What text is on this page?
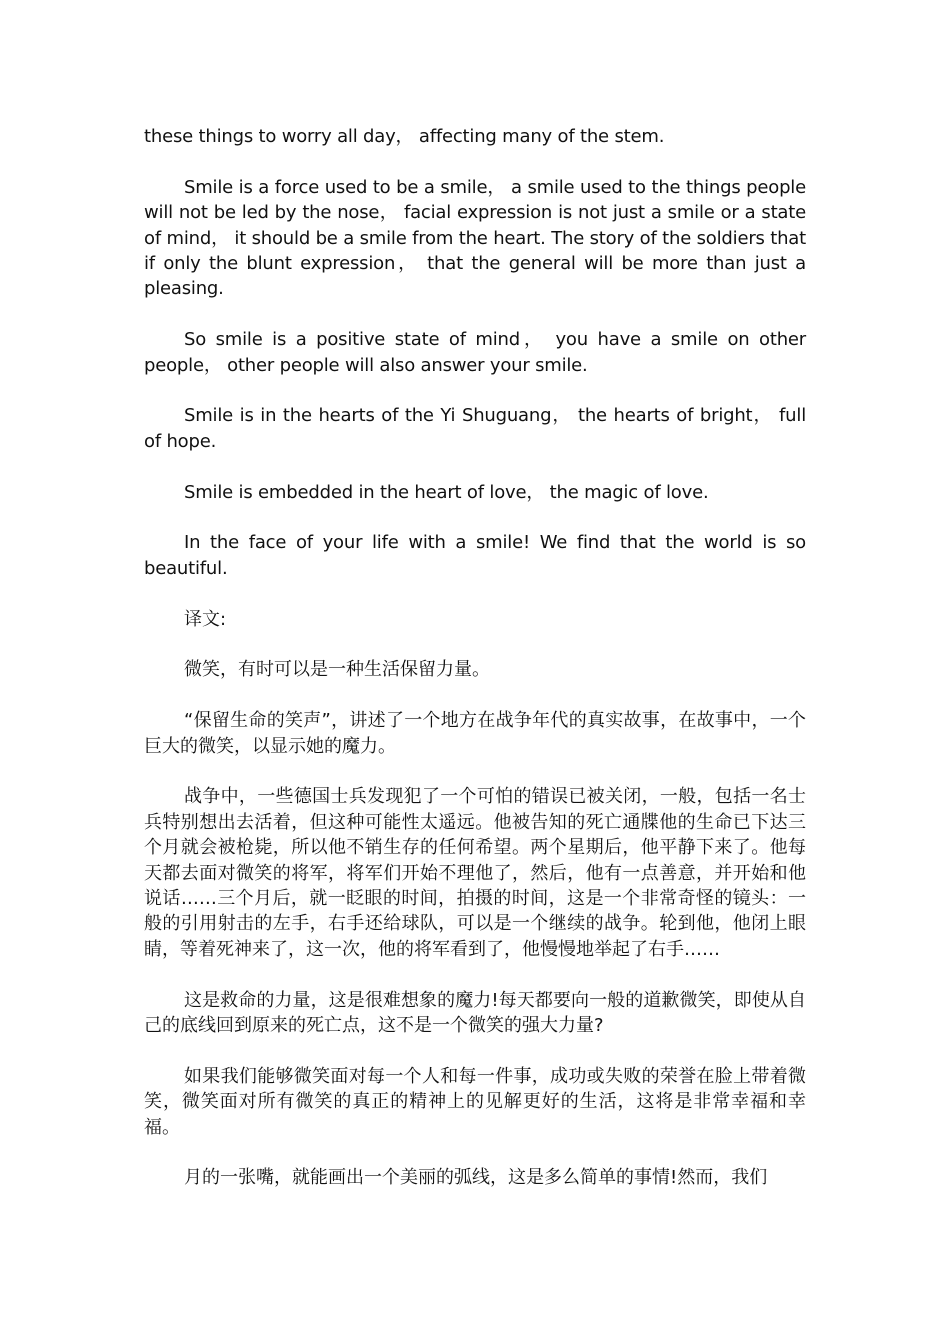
these things to worry all day， affecting many of the stem.

Smile is a force used to be a smile， a smile used to the things people will not be led by the nose， facial expression is not just a smile or a state of mind， it should be a smile from the heart. The story of the soldiers that if only the blunt expression， that the general will be more than just a pleasing.

So smile is a positive state of mind， you have a smile on other people， other people will also answer your smile.

Smile is in the hearts of the Yi Shuguang， the hearts of bright， full of hope.

Smile is embedded in the heart of love， the magic of love.

In the face of your life with a smile! We find that the world is so beautiful.

译文:

微笑，有时可以是一种生活保留力量。

“保留生命的笑声”，讲述了一个地方在战争年代的真实故事，在故事中，一个巨大的微笑，以显示她的魔力。

战争中，一些德国士兵发现犯了一个可怕的错误已被关闭，一般，包括一名士兵特别想出去活着，但这种可能性太遥远。他被告知的死亡通牒他的生命已下达三个月就会被枪毙，所以他不销生存的任何希望。两个星期后，他平静下来了。他每天都去面对微笑的将军，将军们开始不理他了，然后，他有一点善意，并开始和他说话……三个月后，就一眨眼的时间，拍摄的时间，这是一个非常奇怪的镜头：一般的引用射击的左手，右手还给球队，可以是一个继续的战争。轮到他，他闭上眼睛，等着死神来了，这一次，他的将军看到了，他慢慢地举起了右手……

这是救命的力量，这是很难想象的魔力!每天都要向一般的道歉微笑，即使从自己的底线回到原来的死亡点，这不是一个微笑的强大力量?

如果我们能够微笑面对每一个人和每一件事，成功或失败的荣誉在脸上带着微笑，微笑面对所有微笑的真正的精神上的见解更好的生活，这将是非常幸福和幸福。

月的一张嘴，就能画出一个美丽的弧线，这是多么简单的事情!然而，我们
